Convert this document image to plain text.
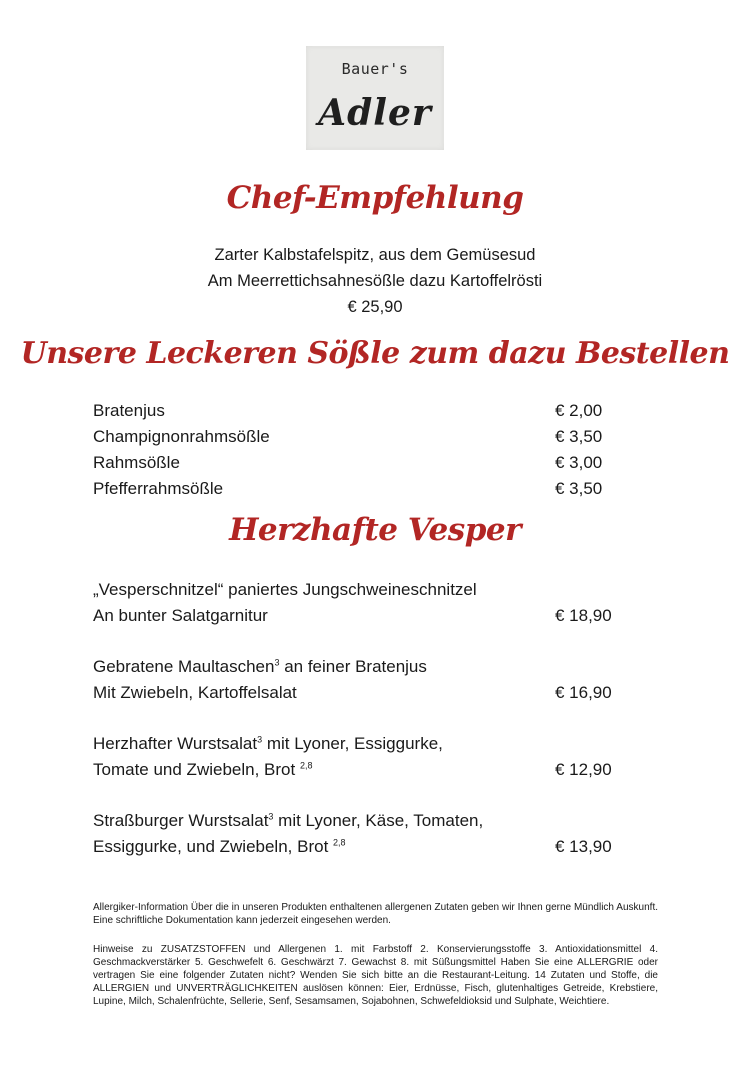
Bauer's
Adler
Chef-Empfehlung
Zarter Kalbstafelspitz, aus dem Gemüsesud
Am Meerrettichsahnesößle dazu Kartoffelrösti
€ 25,90
Unsere Leckeren Sößle zum dazu Bestellen
Bratenjus	€ 2,00
Champignonrahmsößle	€ 3,50
Rahmsößle	€ 3,00
Pfefferrahmsößle	€ 3,50
Herzhafte Vesper
„Vesperschnitzel“ paniertes Jungschweineschnitzel
An bunter Salatgarnitur	€ 18,90
Gebratene Maultaschen$^3$ an feiner Bratenjus
Mit Zwiebeln, Kartoffelsalat	€ 16,90
Herzhafter Wurstsalat$^3$ mit Lyoner, Essiggurke,
Tomate und Zwiebeln, Brot $^{2,8}$	€ 12,90
Straßburger Wurstsalat$^3$ mit Lyoner, Käse, Tomaten,
Essiggurke, und Zwiebeln, Brot $^{2,8}$	€ 13,90
Allergiker-Information Über die in unseren Produkten enthaltenen allergenen Zutaten geben wir Ihnen gerne Mündlich Auskunft. Eine schriftliche Dokumentation kann jederzeit eingesehen werden.
Hinweise zu ZUSATZSTOFFEN und Allergenen 1. mit Farbstoff 2. Konservierungsstoffe 3. Antioxidationsmittel 4. Geschmackverstärker 5. Geschwefelt 6. Geschwärzt 7. Gewachst 8. mit Süßungsmittel Haben Sie eine ALLERGRIE oder vertragen Sie eine folgender Zutaten nicht? Wenden Sie sich bitte an die Restaurant-Leitung. 14 Zutaten und Stoffe, die ALLERGIEN und UNVERTRÄGLICHKEITEN auslösen können: Eier, Erdnüsse, Fisch, glutenhaltiges Getreide, Krebstiere, Lupine, Milch, Schalenfrüchte, Sellerie, Senf, Sesamsamen, Sojabohnen, Schwefeldioksid und Sulphate, Weichtiere.
